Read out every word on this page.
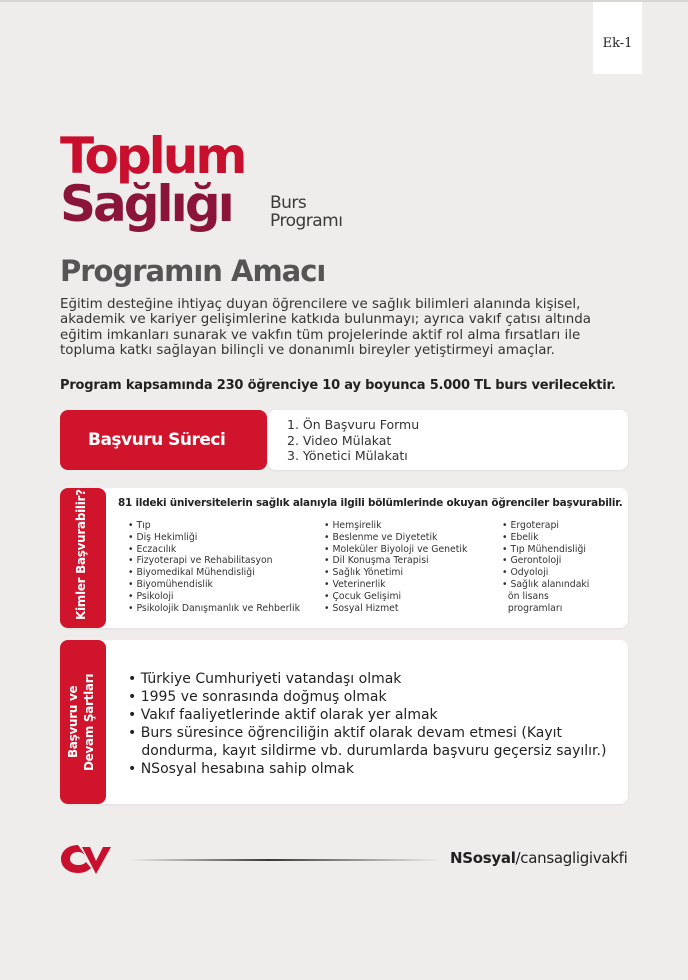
Ek-1
Toplum
Sağlığı	Burs
Programı
Programın Amacı
Eğitim desteğine ihtiyaç duyan öğrencilere ve sağlık bilimleri alanında kişisel, akademik ve kariyer gelişimlerine katkıda bulunmayı; ayrıca vakıf çatısı altında eğitim imkanları sunarak ve vakfın tüm projelerinde aktif rol alma fırsatları ile topluma katkı sağlayan bilinçli ve donanımlı bireyler yetiştirmeyi amaçlar.
Program kapsamında 230 öğrenciye 10 ay boyunca 5.000 TL burs verilecektir.
Başvuru Süreci
1. Ön Başvuru Formu
2. Video Mülakat
3. Yönetici Mülakatı
Kimler Başvurabilir?	81 ildeki üniversitelerin sağlık alanıyla ilgili bölümlerinde okuyan öğrenciler başvurabilir.
• Tıp
• Diş Hekimliği
• Eczacılık
• Fizyoterapi ve Rehabilitasyon
• Biyomedikal Mühendisliği
• Biyomühendislik
• Psikoloji
• Psikolojik Danışmanlık ve Rehberlik
• Hemşirelik
• Beslenme ve Diyetetik
• Moleküler Biyoloji ve Genetik
• Dil Konuşma Terapisi
• Sağlık Yönetimi
• Veterinerlik
• Çocuk Gelişimi
• Sosyal Hizmet
• Ergoterapi
• Ebelik
• Tıp Mühendisliği
• Gerontoloji
• Odyoloji
• Sağlık alanındaki
ön lisans
programları
Başvuru ve Devam Şartları • Türkiye Cumhuriyeti vatandaşı olmak
• 1995 ve sonrasında doğmuş olmak
• Vakıf faaliyetlerinde aktif olarak yer almak
• Burs süresince öğrenciliğin aktif olarak devam etmesi (Kayıt
dondurma, kayıt sildirme vb. durumlarda başvuru geçersiz sayılır.)
• NSosyal hesabına sahip olmak
NSosyal/cansagligivakfi
